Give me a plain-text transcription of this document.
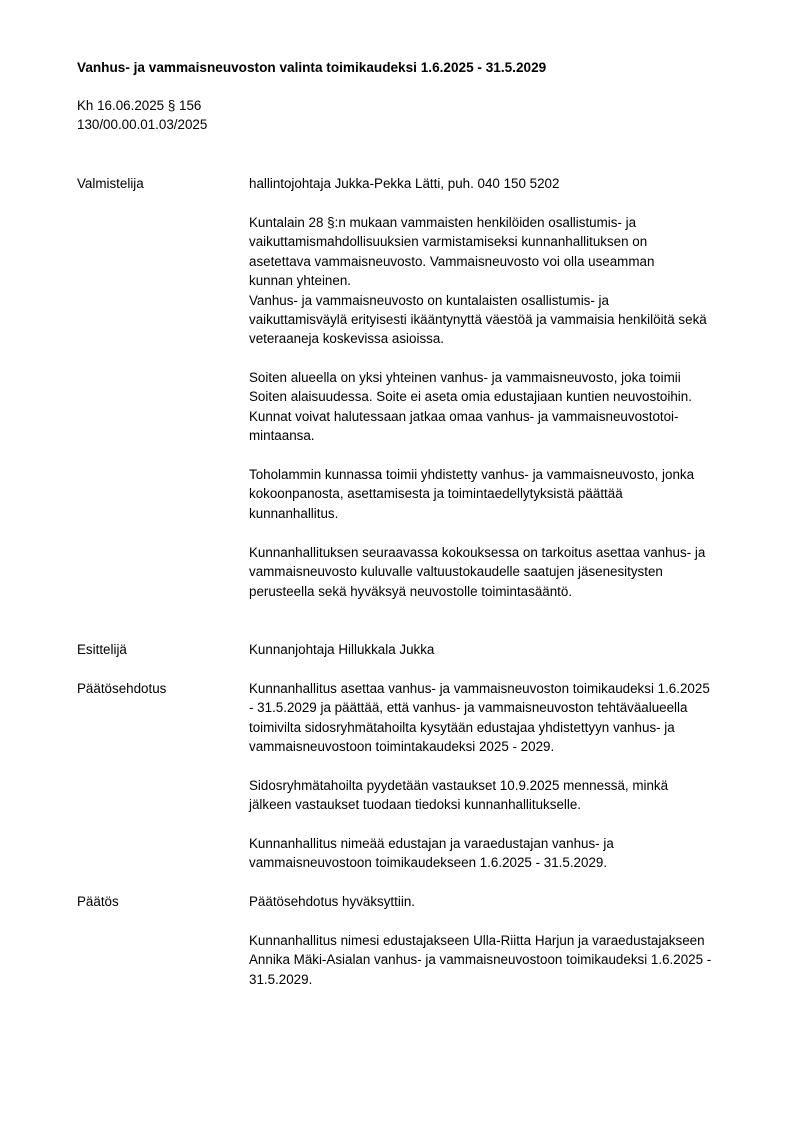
Vanhus- ja vammaisneuvoston valinta toimikaudeksi 1.6.2025 - 31.5.2029
Kh 16.06.2025 § 156
130/00.00.01.03/2025
Valmistelija	hallintojohtaja Jukka-Pekka Lätti, puh. 040 150 5202

Kuntalain 28 §:n mukaan vammaisten henkilöiden osallistumis- ja

vaikuttamismahdollisuuksien varmistamiseksi kunnanhallituksen on

asetettava vammaisneuvosto. Vammaisneuvosto voi olla useamman

kunnan yhteinen.

Vanhus- ja vammaisneuvosto on kuntalaisten osallistumis- ja

vaikuttamisväylä erityisesti ikääntynyttä väestöä ja vammaisia henkilöitä sekä

veteraaneja koskevissa asioissa.

Soiten alueella on yksi yhteinen vanhus- ja vammaisneuvosto, joka toimii

Soiten alaisuudessa. Soite ei aseta omia edustajiaan kuntien neuvostoihin.

Kunnat voivat halutessaan jatkaa omaa vanhus- ja vammaisneuvostotoi-

mintaansa.

Toholammin kunnassa toimii yhdistetty vanhus- ja vammaisneuvosto, jonka

kokoonpanosta, asettamisesta ja toimintaedellytyksistä päättää

kunnanhallitus.

Kunnanhallituksen seuraavassa kokouksessa on tarkoitus asettaa vanhus- ja

vammaisneuvosto kuluvalle valtuustokaudelle saatujen jäsenesitysten

perusteella sekä hyväksyä neuvostolle toimintasääntö.

Esittelijä	Kunnanjohtaja Hillukkala Jukka

Päätösehdotus	Kunnanhallitus asettaa vanhus- ja vammaisneuvoston toimikaudeksi 1.6.2025

- 31.5.2029 ja päättää, että vanhus- ja vammaisneuvoston tehtäväalueella

toimivilta sidosryhmätahoilta kysytään edustajaa yhdistettyyn vanhus- ja

vammaisneuvostoon toimintakaudeksi 2025 - 2029.

Sidosryhmätahoilta pyydetään vastaukset 10.9.2025 mennessä, minkä

jälkeen vastaukset tuodaan tiedoksi kunnanhallitukselle.

Kunnanhallitus nimeää edustajan ja varaedustajan vanhus- ja

vammaisneuvostoon toimikaudekseen 1.6.2025 - 31.5.2029.

Päätös	Päätösehdotus hyväksyttiin.

Kunnanhallitus nimesi edustajakseen Ulla-Riitta Harjun ja varaedustajakseen

Annika Mäki-Asialan vanhus- ja vammaisneuvostoon toimikaudeksi 1.6.2025 -

31.5.2029.
